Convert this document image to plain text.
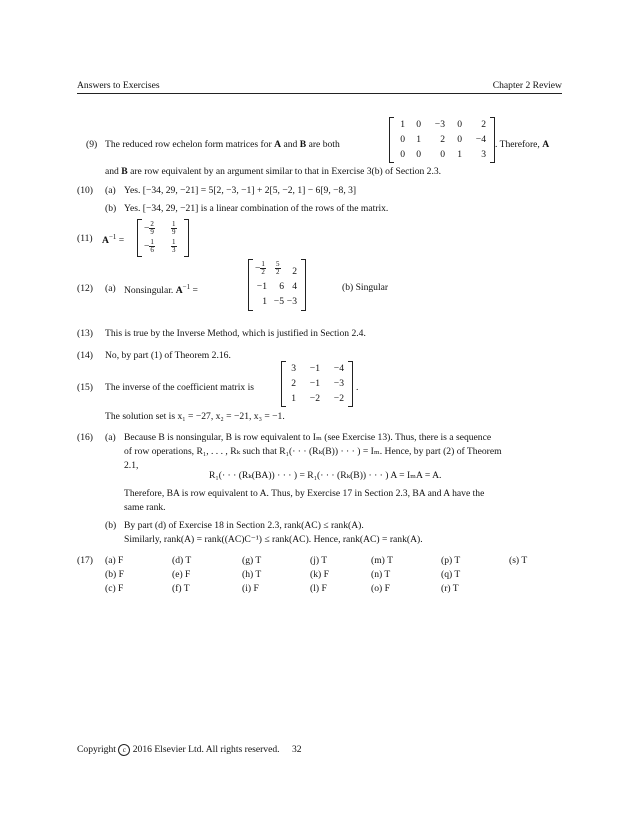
Answers to Exercises	Chapter 2 Review
(9) The reduced row echelon form matrices for A and B are both
1 0 −3 0 2
0 1 2 0 −4
0 0 0 1 3
. Therefore, A
and B are row equivalent by an argument similar to that in Exercise 3(b) of Section 2.3.
(10) (a) Yes. [−34, 29, −21] = 5[2, −3, −1] + 2[5, −2, 1] − 6[9, −8, 3]
(b) Yes. [−34, 29, −21] is a linear combination of the rows of the matrix.
(11) $A^{-1}$ =
− $\frac{2}{9} \frac{1}{9}$
− $\frac{1}{6} \frac{1}{3}$
(12) (a) Nonsingular. $A^{-1}$ =
− $\frac{1}{2} \frac{5}{2} 2$
−1 6 4
1 −5 −3
(b) Singular
(13) This is true by the Inverse Method, which is justified in Section 2.4.
(14) No, by part (1) of Theorem 2.16.
(15) The inverse of the coefficient matrix is
3 −1 −4
2 −1 −3
1 −2 −2
.
The solution set is x₁ = −27, x₂ = −21, x₃ = −1.
(16) (a) Because B is nonsingular, B is row equivalent to Iₘ (see Exercise 13). Thus, there is a sequence
of row operations, R₁, . . . , Rₖ such that R₁(· · · (Rₖ(B)) · · · ) = Iₘ. Hence, by part (2) of Theorem
2.1,
R₁(· · · (Rₖ(BA)) · · · ) = R₁(· · · (Rₖ(B)) · · · ) A = IₘA = A.
Therefore, BA is row equivalent to A. Thus, by Exercise 17 in Section 2.3, BA and A have the
same rank.
(b) By part (d) of Exercise 18 in Section 2.3, rank(AC) ≤ rank(A).
Similarly, rank(A) = rank((AC)C⁻¹) ≤ rank(AC). Hence, rank(AC) = rank(A).
(17) (a) F	(d) T	(g) T	(j) T	(m) T	(p) T	(s) T
(b) F	(e) F	(h) T	(k) F	(n) T	(q) T
(c) F	(f) T	(i) F	(l) F	(o) F	(r) T
Copyright c 2016 Elsevier Ltd. All rights reserved. 32
